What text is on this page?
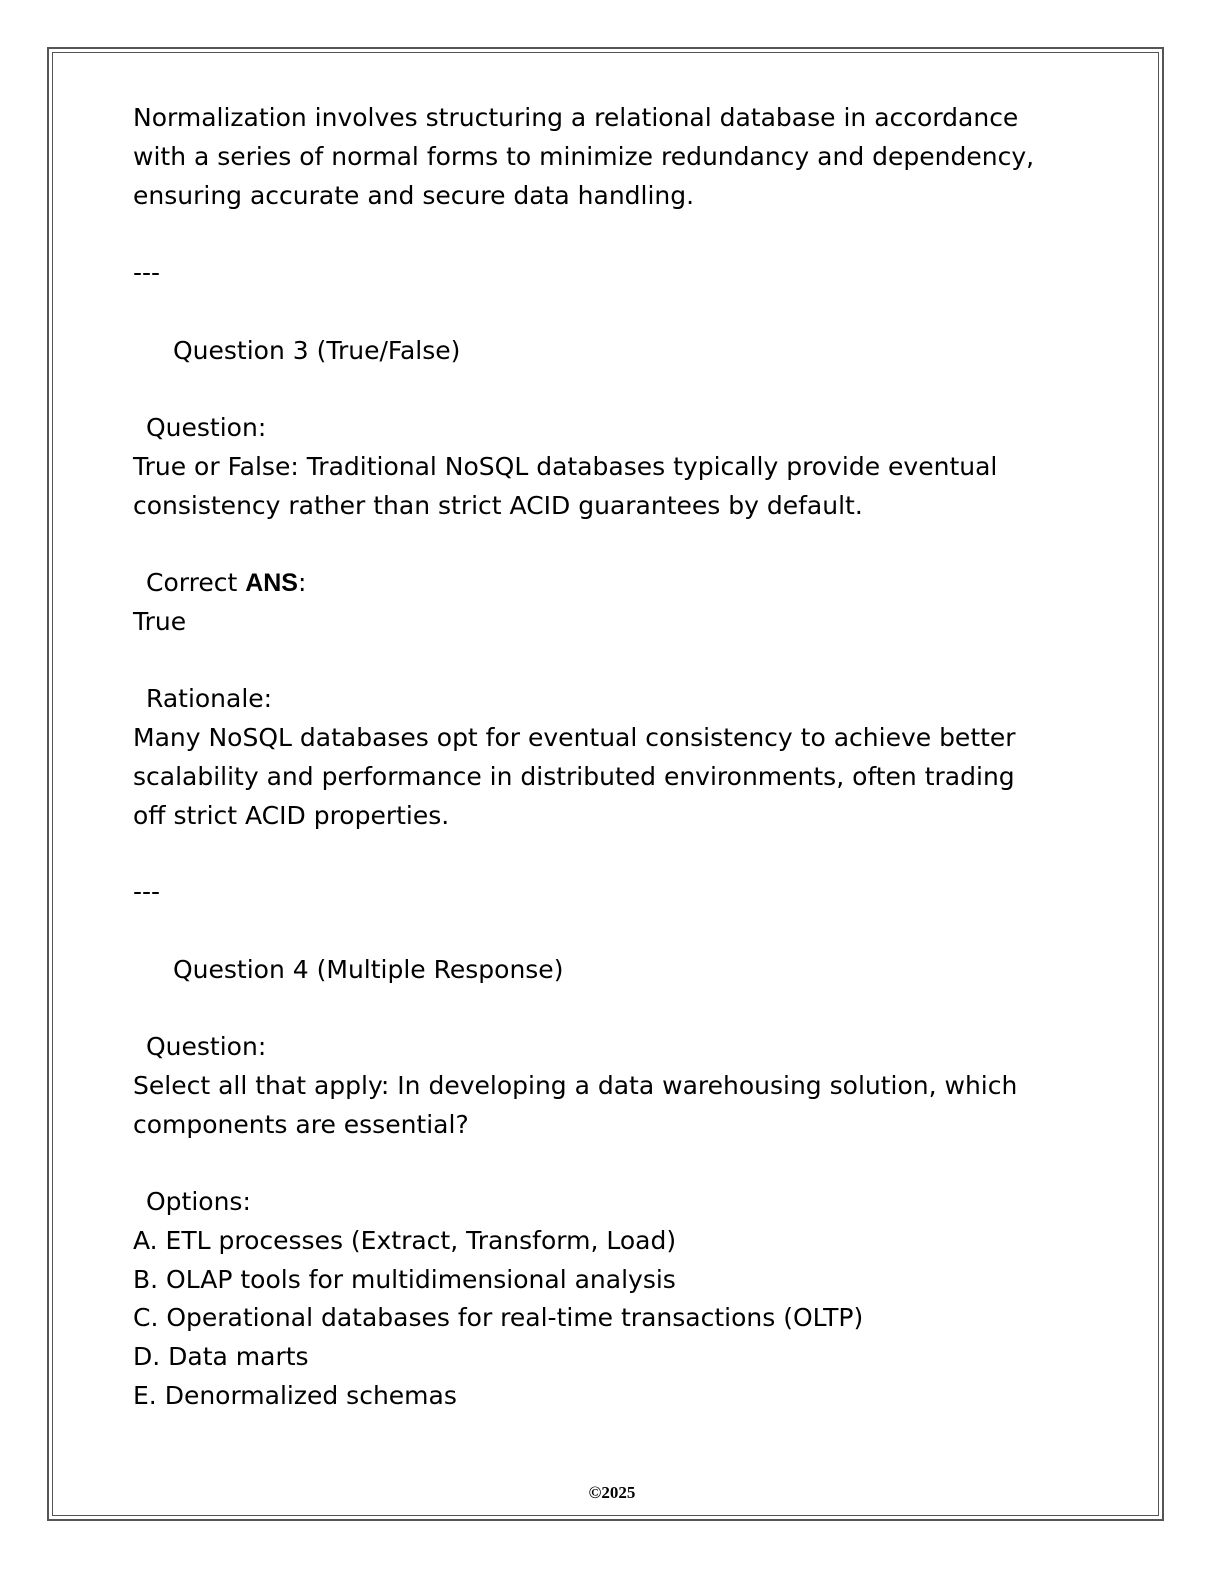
Normalization involves structuring a relational database in accordance
with a series of normal forms to minimize redundancy and dependency,
ensuring accurate and secure data handling.
---
Question 3 (True/False)
Question:
True or False: Traditional NoSQL databases typically provide eventual
consistency rather than strict ACID guarantees by default.
Correct ANS:
True
Rationale:
Many NoSQL databases opt for eventual consistency to achieve better
scalability and performance in distributed environments, often trading
off strict ACID properties.
---
Question 4 (Multiple Response)
Question:
Select all that apply: In developing a data warehousing solution, which
components are essential?
Options:
A. ETL processes (Extract, Transform, Load)
B. OLAP tools for multidimensional analysis
C. Operational databases for real-time transactions (OLTP)
D. Data marts
E. Denormalized schemas
©2025
